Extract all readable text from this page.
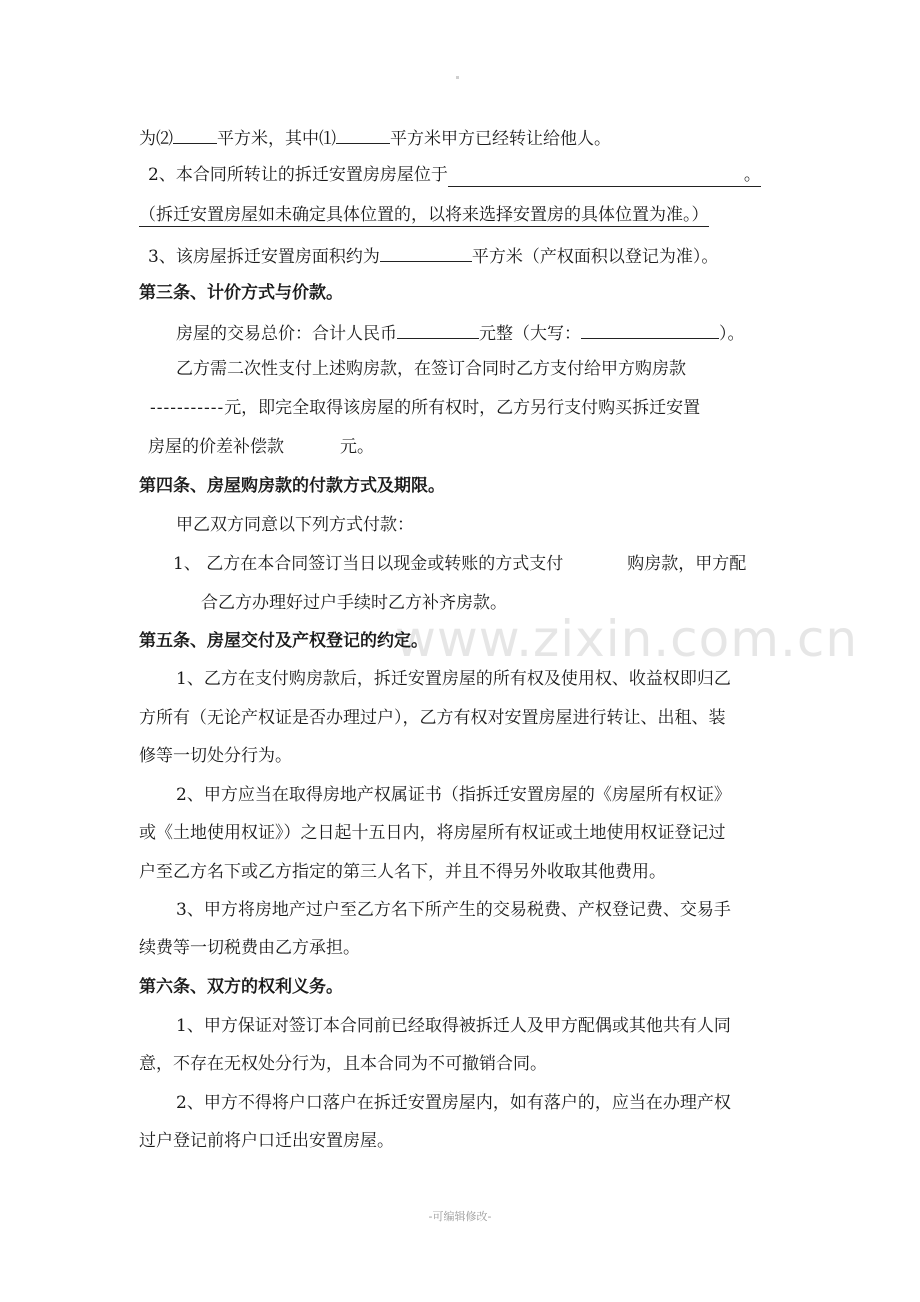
www.zixin.com.cn
为⑵	平方米，其中⑴	平方米甲方已经转让给他人。
2、本合同所转让的拆迁安置房房屋位于	。
（拆迁安置房屋如未确定具体位置的，以将来选择安置房的具体位置为准。）
3、该房屋拆迁安置房面积约为	平方米（产权面积以登记为准）。
第三条、计价方式与价款。
房屋的交易总价：合计人民币	元整（大写：	）。
乙方需二次性支付上述购房款，在签订合同时乙方支付给甲方购房款
-----------元，即完全取得该房屋的所有权时，乙方另行支付购买拆迁安置
房屋的价差补偿款	元。
第四条、房屋购房款的付款方式及期限。
甲乙双方同意以下列方式付款：
1、 乙方在本合同签订当日以现金或转账的方式支付	购房款，甲方配
合乙方办理好过户手续时乙方补齐房款。
第五条、房屋交付及产权登记的约定。
1、乙方在支付购房款后，拆迁安置房屋的所有权及使用权、收益权即归乙
方所有（无论产权证是否办理过户），乙方有权对安置房屋进行转让、出租、装
修等一切处分行为。
2、甲方应当在取得房地产权属证书（指拆迁安置房屋的《房屋所有权证》
或《土地使用权证》）之日起十五日内，将房屋所有权证或土地使用权证登记过
户至乙方名下或乙方指定的第三人名下，并且不得另外收取其他费用。
3、甲方将房地产过户至乙方名下所产生的交易税费、产权登记费、交易手
续费等一切税费由乙方承担。
第六条、双方的权利义务。
1、甲方保证对签订本合同前已经取得被拆迁人及甲方配偶或其他共有人同
意，不存在无权处分行为，且本合同为不可撤销合同。
2、甲方不得将户口落户在拆迁安置房屋内，如有落户的，应当在办理产权
过户登记前将户口迁出安置房屋。
-可编辑修改-
